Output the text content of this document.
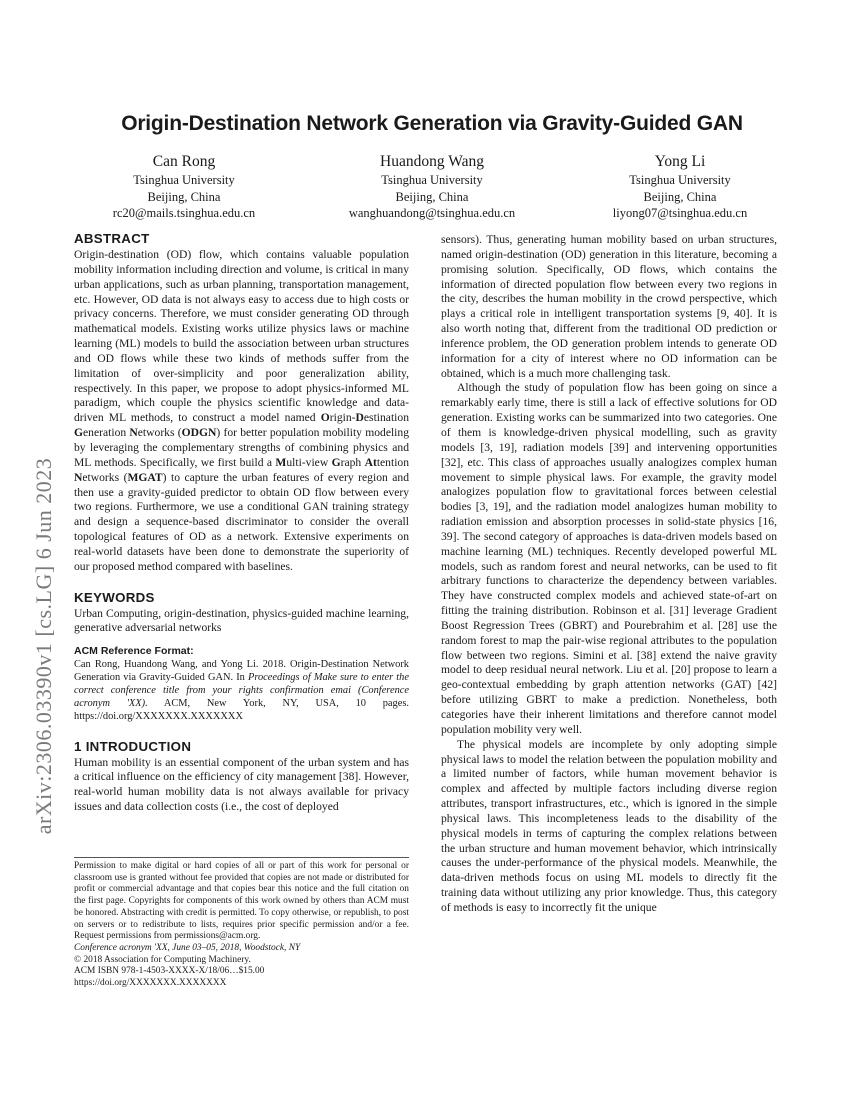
arXiv:2306.03390v1 [cs.LG] 6 Jun 2023
Origin-Destination Network Generation via Gravity-Guided GAN
Can Rong
Tsinghua University
Beijing, China
rc20@mails.tsinghua.edu.cn
Huandong Wang
Tsinghua University
Beijing, China
wanghuandong@tsinghua.edu.cn
Yong Li
Tsinghua University
Beijing, China
liyong07@tsinghua.edu.cn
ABSTRACT

Origin-destination (OD) flow, which contains valuable population mobility information including direction and volume, is critical in many urban applications, such as urban planning, transportation management, etc. However, OD data is not always easy to access due to high costs or privacy concerns. Therefore, we must consider generating OD through mathematical models. Existing works utilize physics laws or machine learning (ML) models to build the association between urban structures and OD flows while these two kinds of methods suffer from the limitation of over-simplicity and poor generalization ability, respectively. In this paper, we propose to adopt physics-informed ML paradigm, which couple the physics scientific knowledge and data-driven ML methods, to construct a model named Origin-Destination Generation Networks (ODGN) for better population mobility modeling by leveraging the complementary strengths of combining physics and ML methods. Specifically, we first build a Multi-view Graph Attention Networks (MGAT) to capture the urban features of every region and then use a gravity-guided predictor to obtain OD flow between every two regions. Furthermore, we use a conditional GAN training strategy and design a sequence-based discriminator to consider the overall topological features of OD as a network. Extensive experiments on real-world datasets have been done to demonstrate the superiority of our proposed method compared with baselines.

KEYWORDS

Urban Computing, origin-destination, physics-guided machine learning, generative adversarial networks

ACM Reference Format:

Can Rong, Huandong Wang, and Yong Li. 2018. Origin-Destination Network Generation via Gravity-Guided GAN. In Proceedings of Make sure to enter the correct conference title from your rights confirmation emai (Conference acronym 'XX). ACM, New York, NY, USA, 10 pages. https://doi.org/XXXXXXX.XXXXXXX

1 INTRODUCTION

Human mobility is an essential component of the urban system and has a critical influence on the efficiency of city management [38]. However, real-world human mobility data is not always available for privacy issues and data collection costs (i.e., the cost of deployed

Permission to make digital or hard copies of all or part of this work for personal or classroom use is granted without fee provided that copies are not made or distributed for profit or commercial advantage and that copies bear this notice and the full citation on the first page. Copyrights for components of this work owned by others than ACM must be honored. Abstracting with credit is permitted. To copy otherwise, or republish, to post on servers or to redistribute to lists, requires prior specific permission and/or a fee. Request permissions from permissions@acm.org.

Conference acronym 'XX, June 03–05, 2018, Woodstock, NY
© 2018 Association for Computing Machinery.
ACM ISBN 978-1-4503-XXXX-X/18/06…$15.00
https://doi.org/XXXXXXX.XXXXXXX

sensors). Thus, generating human mobility based on urban structures, named origin-destination (OD) generation in this literature, becoming a promising solution. Specifically, OD flows, which contains the information of directed population flow between every two regions in the city, describes the human mobility in the crowd perspective, which plays a critical role in intelligent transportation systems [9, 40]. It is also worth noting that, different from the traditional OD prediction or inference problem, the OD generation problem intends to generate OD information for a city of interest where no OD information can be obtained, which is a much more challenging task.

Although the study of population flow has been going on since a remarkably early time, there is still a lack of effective solutions for OD generation. Existing works can be summarized into two categories. One of them is knowledge-driven physical modelling, such as gravity models [3, 19], radiation models [39] and intervening opportunities [32], etc. This class of approaches usually analogizes complex human movement to simple physical laws. For example, the gravity model analogizes population flow to gravitational forces between celestial bodies [3, 19], and the radiation model analogizes human mobility to radiation emission and absorption processes in solid-state physics [16, 39]. The second category of approaches is data-driven models based on machine learning (ML) techniques. Recently developed powerful ML models, such as random forest and neural networks, can be used to fit arbitrary functions to characterize the dependency between variables. They have constructed complex models and achieved state-of-art on fitting the training distribution. Robinson et al. [31] leverage Gradient Boost Regression Trees (GBRT) and Pourebrahim et al. [28] use the random forest to map the pair-wise regional attributes to the population flow between two regions. Simini et al. [38] extend the naive gravity model to deep residual neural network. Liu et al. [20] propose to learn a geo-contextual embedding by graph attention networks (GAT) [42] before utilizing GBRT to make a prediction. Nonetheless, both categories have their inherent limitations and therefore cannot model population mobility very well.

The physical models are incomplete by only adopting simple physical laws to model the relation between the population mobility and a limited number of factors, while human movement behavior is complex and affected by multiple factors including diverse region attributes, transport infrastructures, etc., which is ignored in the simple physical laws. This incompleteness leads to the disability of the physical models in terms of capturing the complex relations between the urban structure and human movement behavior, which intrinsically causes the under-performance of the physical models. Meanwhile, the data-driven methods focus on using ML models to directly fit the training data without utilizing any prior knowledge. Thus, this category of methods is easy to incorrectly fit the unique
